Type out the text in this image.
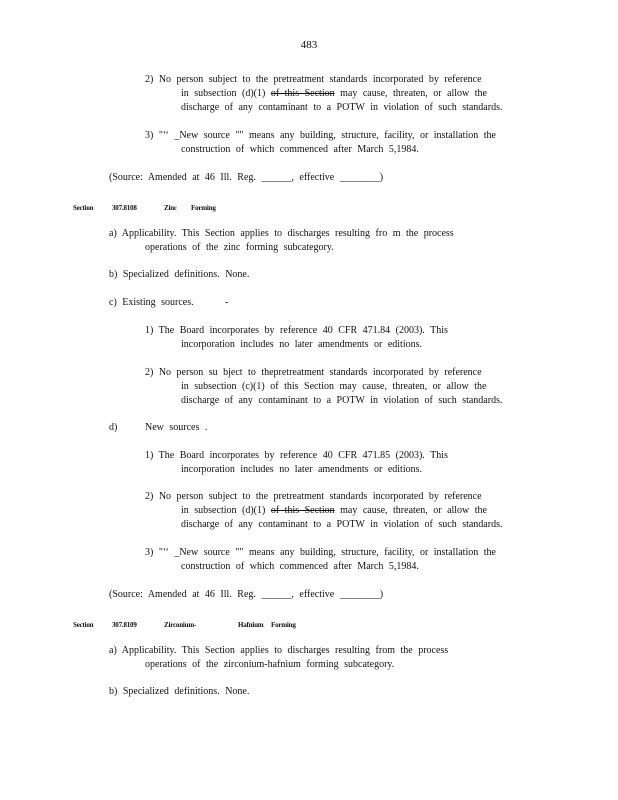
483
2) No person subject to the pretreatment standards incorporated by reference
in subsection (d)(1) of this Section may cause, threaten, or allow the
discharge of any contaminant to a POTW in violation of such standards.
3) "‘‘ _New source "" means any building, structure, facility, or installation the
construction of which commenced after March 5,1984.
(Source: Amended at 46 Ill. Reg. ______, effective ________)
Section	307.8108	Zinc Forming
a) Applicability. This Section applies to discharges resulting fro m the process
operations of the zinc forming subcategory.
b) Specialized definitions. None.
c) Existing sources.	-
1) The Board incorporates by reference 40 CFR 471.84 (2003). This
incorporation includes no later amendments or editions.
2) No person su bject to thepretreatment standards incorporated by reference
in subsection (c)(1) of this Section may cause, threaten, or allow the
discharge of any contaminant to a POTW in violation of such standards.
d)	New sources .
1) The Board incorporates by reference 40 CFR 471.85 (2003). This
incorporation includes no later amendments or editions.
2) No person subject to the pretreatment standards incorporated by reference
in subsection (d)(1) of this Section may cause, threaten, or allow the
discharge of any contaminant to a POTW in violation of such standards.
3) "‘‘ _New source "" means any building, structure, facility, or installation the
construction of which commenced after March 5,1984.
(Source: Amended at 46 Ill. Reg. ______, effective ________)
Section	307.8109	Zirconium-	Hafnium Forming
a) Applicability. This Section applies to discharges resulting from the process
operations of the zirconium-hafnium forming subcategory.
b) Specialized definitions. None.
